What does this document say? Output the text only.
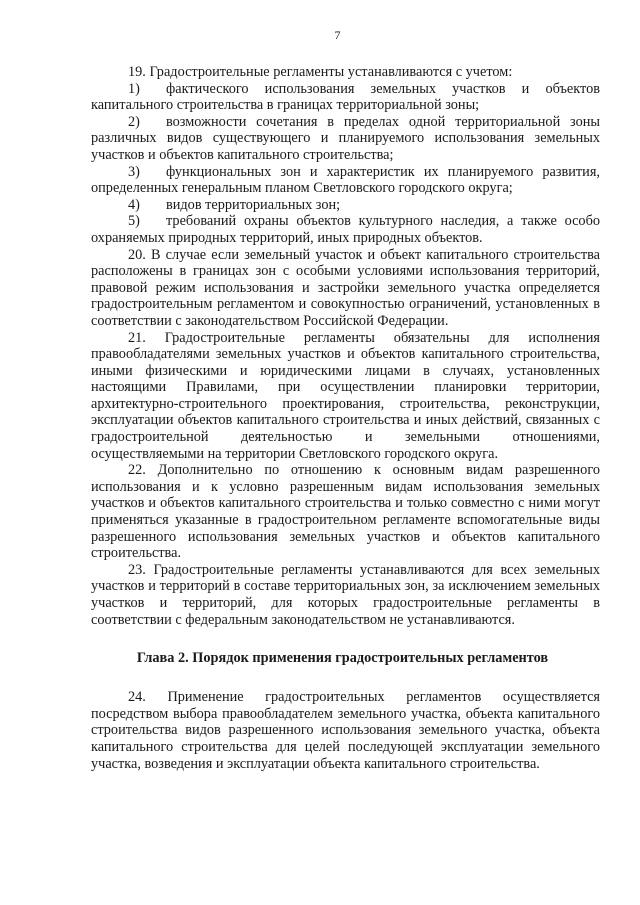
7

19. Градостроительные регламенты устанавливаются с учетом:

1) фактического использования земельных участков и объектов капитального строительства в границах территориальной зоны;

2) возможности сочетания в пределах одной территориальной зоны различных видов существующего и планируемого использования земельных участков и объектов капитального строительства;

3) функциональных зон и характеристик их планируемого развития, определенных генеральным планом Светловского городского округа;

4) видов территориальных зон;

5) требований охраны объектов культурного наследия, а также особо охраняемых природных территорий, иных природных объектов.

20. В случае если земельный участок и объект капитального строительства расположены в границах зон с особыми условиями использования территорий, правовой режим использования и застройки земельного участка определяется градостроительным регламентом и совокупностью ограничений, установленных в соответствии с законодательством Российской Федерации.

21. Градостроительные регламенты обязательны для исполнения правообладателями земельных участков и объектов капитального строительства, иными физическими и юридическими лицами в случаях, установленных настоящими Правилами, при осуществлении планировки территории, архитектурно-строительного проектирования, строительства, реконструкции, эксплуатации объектов капитального строительства и иных действий, связанных с градостроительной деятельностью и земельными отношениями, осуществляемыми на территории Светловского городского округа.

22. Дополнительно по отношению к основным видам разрешенного использования и к условно разрешенным видам использования земельных участков и объектов капитального строительства и только совместно с ними могут применяться указанные в градостроительном регламенте вспомогательные виды разрешенного использования земельных участков и объектов капитального строительства.

23. Градостроительные регламенты устанавливаются для всех земельных участков и территорий в составе территориальных зон, за исключением земельных участков и территорий, для которых градостроительные регламенты в соответствии с федеральным законодательством не устанавливаются.

Глава 2. Порядок применения градостроительных регламентов

24. Применение градостроительных регламентов осуществляется посредством выбора правообладателем земельного участка, объекта капитального строительства видов разрешенного использования земельного участка, объекта капитального строительства для целей последующей эксплуатации земельного участка, возведения и эксплуатации объекта капитального строительства.
